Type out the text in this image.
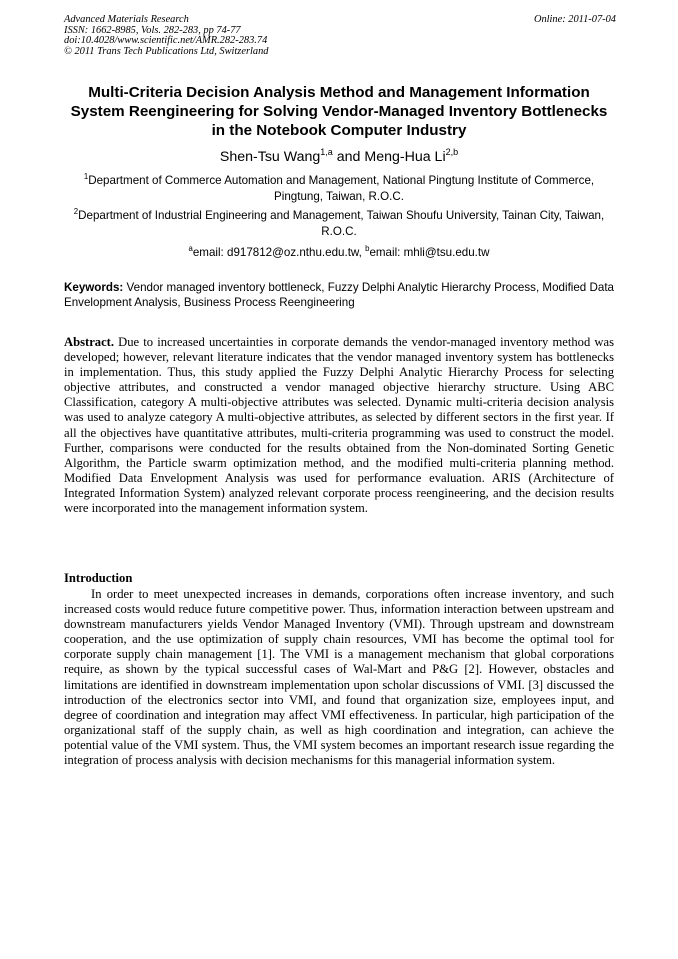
Advanced Materials Research
ISSN: 1662-8985, Vols. 282-283, pp 74-77
doi:10.4028/www.scientific.net/AMR.282-283.74
© 2011 Trans Tech Publications Ltd, Switzerland
Online: 2011-07-04
Multi-Criteria Decision Analysis Method and Management Information System Reengineering for Solving Vendor-Managed Inventory Bottlenecks in the Notebook Computer Industry
Shen-Tsu Wang$^{1,a}$ and Meng-Hua Li$^{2,b}$
$^1$Department of Commerce Automation and Management, National Pingtung Institute of Commerce, Pingtung, Taiwan, R.O.C.
$^2$Department of Industrial Engineering and Management, Taiwan Shoufu University, Tainan City, Taiwan, R.O.C.
$^a$email: d917812@oz.nthu.edu.tw, $^b$email: mhli@tsu.edu.tw
Keywords: Vendor managed inventory bottleneck, Fuzzy Delphi Analytic Hierarchy Process, Modified Data Envelopment Analysis, Business Process Reengineering
Abstract. Due to increased uncertainties in corporate demands the vendor-managed inventory method was developed; however, relevant literature indicates that the vendor managed inventory system has bottlenecks in implementation. Thus, this study applied the Fuzzy Delphi Analytic Hierarchy Process for selecting objective attributes, and constructed a vendor managed objective hierarchy structure. Using ABC Classification, category A multi-objective attributes was selected. Dynamic multi-criteria decision analysis was used to analyze category A multi-objective attributes, as selected by different sectors in the first year. If all the objectives have quantitative attributes, multi-criteria programming was used to construct the model. Further, comparisons were conducted for the results obtained from the Non-dominated Sorting Genetic Algorithm, the Particle swarm optimization method, and the modified multi-criteria planning method. Modified Data Envelopment Analysis was used for performance evaluation. ARIS (Architecture of Integrated Information System) analyzed relevant corporate process reengineering, and the decision results were incorporated into the management information system.
Introduction
In order to meet unexpected increases in demands, corporations often increase inventory, and such increased costs would reduce future competitive power. Thus, information interaction between upstream and downstream manufacturers yields Vendor Managed Inventory (VMI). Through upstream and downstream cooperation, and the use optimization of supply chain resources, VMI has become the optimal tool for corporate supply chain management [1]. The VMI is a management mechanism that global corporations require, as shown by the typical successful cases of Wal-Mart and P&G [2]. However, obstacles and limitations are identified in downstream implementation upon scholar discussions of VMI. [3] discussed the introduction of the electronics sector into VMI, and found that organization size, employees input, and degree of coordination and integration may affect VMI effectiveness. In particular, high participation of the organizational staff of the supply chain, as well as high coordination and integration, can achieve the potential value of the VMI system. Thus, the VMI system becomes an important research issue regarding the integration of process analysis with decision mechanisms for this managerial information system.
